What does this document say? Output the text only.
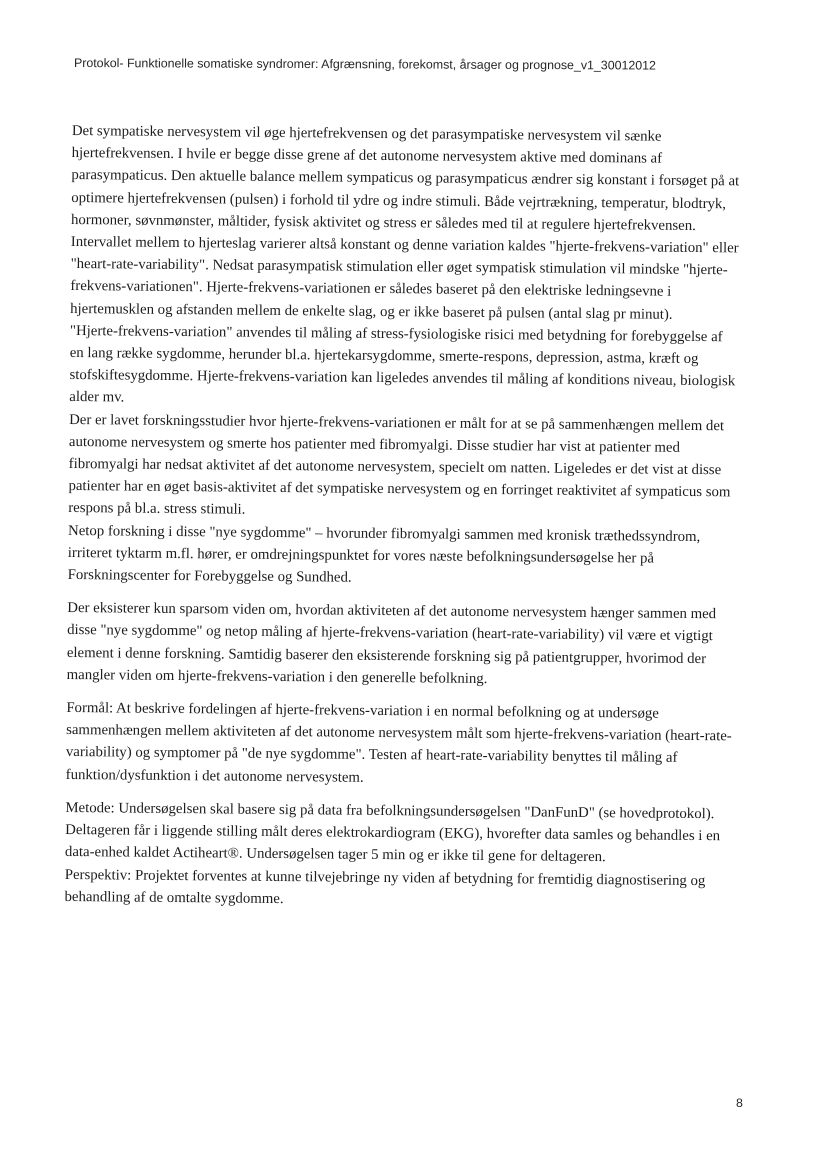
Protokol- Funktionelle somatiske syndromer: Afgrænsning, forekomst, årsager og prognose_v1_30012012

Det sympatiske nervesystem vil øge hjertefrekvensen og det parasympatiske nervesystem vil sænke hjertefrekvensen. I hvile er begge disse grene af det autonome nervesystem aktive med dominans af parasympaticus. Den aktuelle balance mellem sympaticus og parasympaticus ændrer sig konstant i forsøget på at optimere hjertefrekvensen (pulsen) i forhold til ydre og indre stimuli. Både vejrtrækning, temperatur, blodtryk, hormoner, søvnmønster, måltider, fysisk aktivitet og stress er således med til at regulere hjertefrekvensen.

Intervallet mellem to hjerteslag varierer altså konstant og denne variation kaldes "hjerte-frekvens-variation" eller "heart-rate-variability". Nedsat parasympatisk stimulation eller øget sympatisk stimulation vil mindske "hjerte-frekvens-variationen". Hjerte-frekvens-variationen er således baseret på den elektriske ledningsevne i hjertemusklen og afstanden mellem de enkelte slag, og er ikke baseret på pulsen (antal slag pr minut).

"Hjerte-frekvens-variation" anvendes til måling af stress-fysiologiske risici med betydning for forebyggelse af en lang række sygdomme, herunder bl.a. hjertekarsygdomme, smerte-respons, depression, astma, kræft og stofskiftesygdomme. Hjerte-frekvens-variation kan ligeledes anvendes til måling af konditions niveau, biologisk alder mv.

Der er lavet forskningsstudier hvor hjerte-frekvens-variationen er målt for at se på sammenhængen mellem det autonome nervesystem og smerte hos patienter med fibromyalgi. Disse studier har vist at patienter med fibromyalgi har nedsat aktivitet af det autonome nervesystem, specielt om natten. Ligeledes er det vist at disse patienter har en øget basis-aktivitet af det sympatiske nervesystem og en forringet reaktivitet af sympaticus som respons på bl.a. stress stimuli.

Netop forskning i disse "nye sygdomme" – hvorunder fibromyalgi sammen med kronisk træthedssyndrom, irriteret tyktarm m.fl. hører, er omdrejningspunktet for vores næste befolkningsundersøgelse her på Forskningscenter for Forebyggelse og Sundhed.

Der eksisterer kun sparsom viden om, hvordan aktiviteten af det autonome nervesystem hænger sammen med disse "nye sygdomme" og netop måling af hjerte-frekvens-variation (heart-rate-variability) vil være et vigtigt element i denne forskning. Samtidig baserer den eksisterende forskning sig på patientgrupper, hvorimod der mangler viden om hjerte-frekvens-variation i den generelle befolkning.

Formål: At beskrive fordelingen af hjerte-frekvens-variation i en normal befolkning og at undersøge sammenhængen mellem aktiviteten af det autonome nervesystem målt som hjerte-frekvens-variation (heart-rate-variability) og symptomer på "de nye sygdomme". Testen af heart-rate-variability benyttes til måling af funktion/dysfunktion i det autonome nervesystem.

Metode: Undersøgelsen skal basere sig på data fra befolkningsundersøgelsen "DanFunD" (se hovedprotokol). Deltageren får i liggende stilling målt deres elektrokardiogram (EKG), hvorefter data samles og behandles i en data-enhed kaldet Actiheart®. Undersøgelsen tager 5 min og er ikke til gene for deltageren.

Perspektiv: Projektet forventes at kunne tilvejebringe ny viden af betydning for fremtidig diagnostisering og behandling af de omtalte sygdomme.

8
